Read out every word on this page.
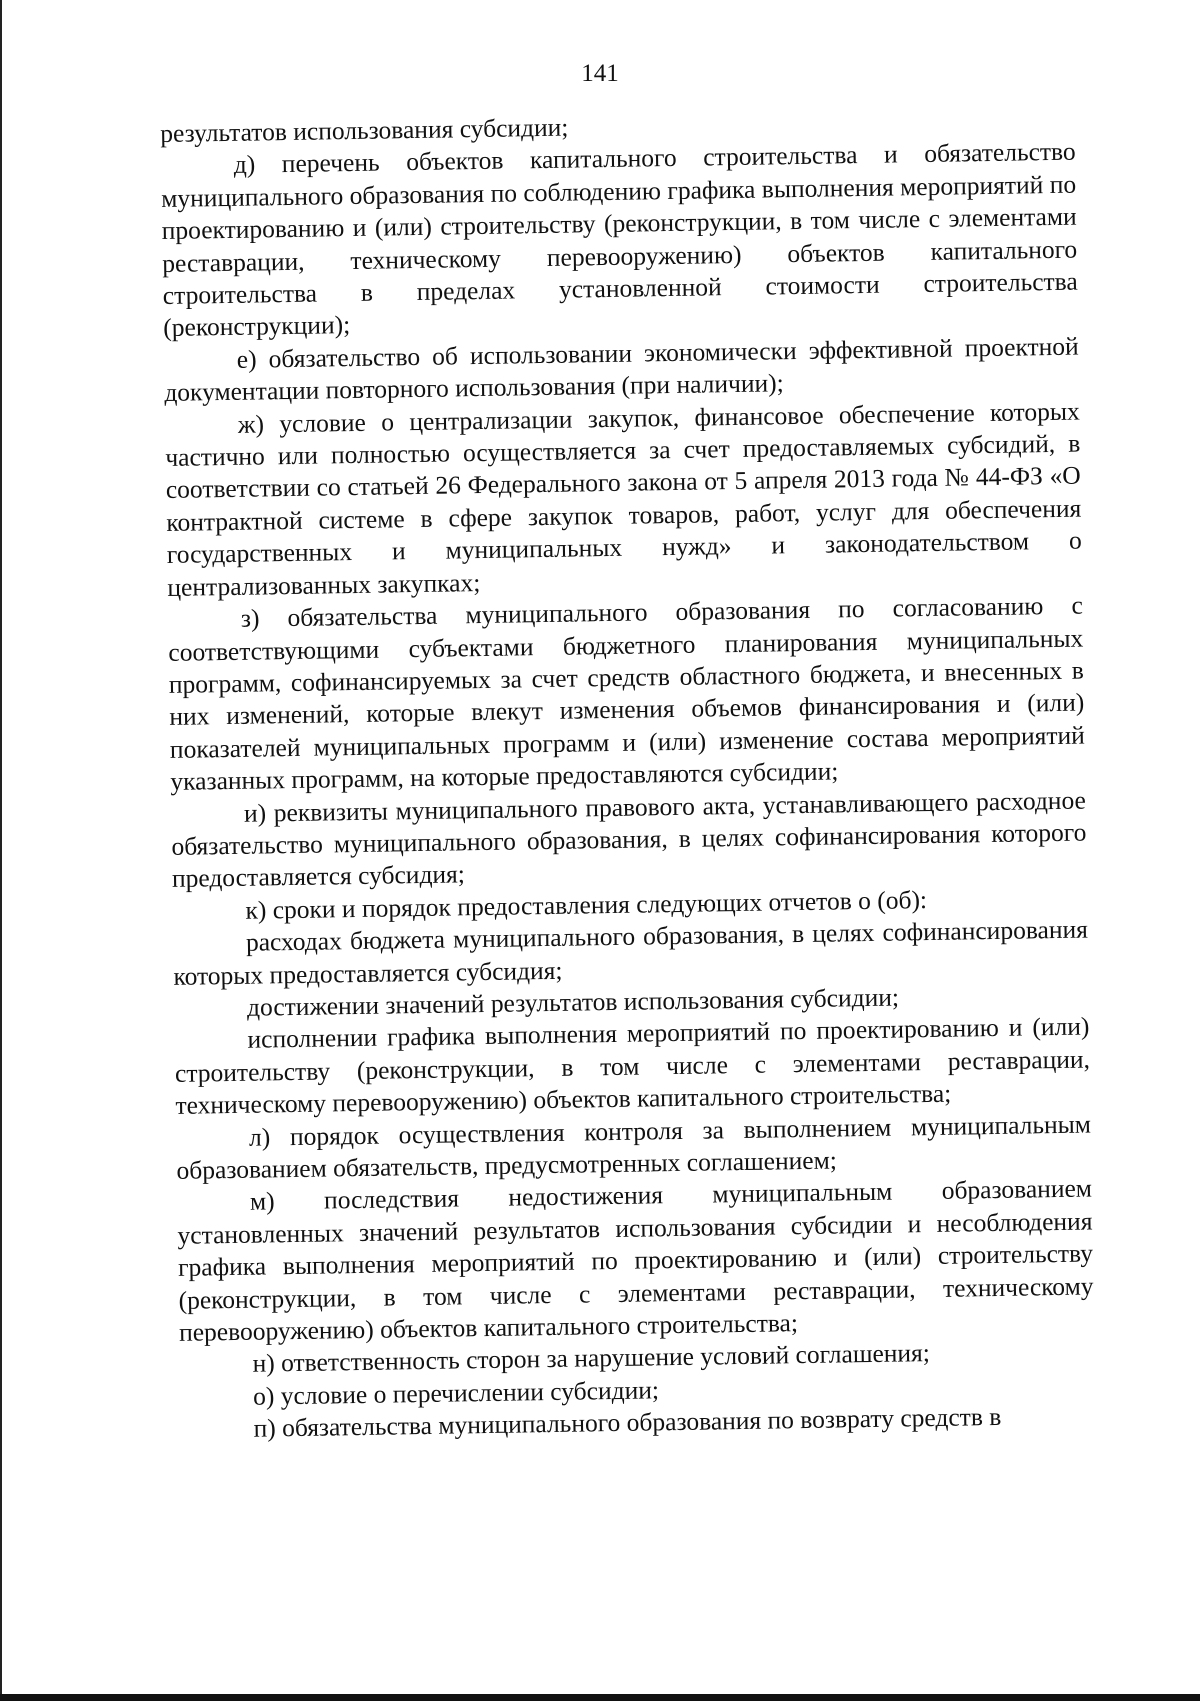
141

результатов использования субсидии;

д) перечень объектов капитального строительства и обязательство муниципального образования по соблюдению графика выполнения мероприятий по проектированию и (или) строительству (реконструкции, в том числе с элементами реставрации, техническому перевооружению) объектов капитального строительства в пределах установленной стоимости строительства (реконструкции);

е) обязательство об использовании экономически эффективной проектной документации повторного использования (при наличии);

ж) условие о централизации закупок, финансовое обеспечение которых частично или полностью осуществляется за счет предоставляемых субсидий, в соответствии со статьей 26 Федерального закона от 5 апреля 2013 года № 44-ФЗ «О контрактной системе в сфере закупок товаров, работ, услуг для обеспечения государственных и муниципальных нужд» и законодательством о централизованных закупках;

з) обязательства муниципального образования по согласованию с соответствующими субъектами бюджетного планирования муниципальных программ, софинансируемых за счет средств областного бюджета, и внесенных в них изменений, которые влекут изменения объемов финансирования и (или) показателей муниципальных программ и (или) изменение состава мероприятий указанных программ, на которые предоставляются субсидии;

и) реквизиты муниципального правового акта, устанавливающего расходное обязательство муниципального образования, в целях софинансирования которого предоставляется субсидия;

к) сроки и порядок предоставления следующих отчетов о (об):

расходах бюджета муниципального образования, в целях софинансирования которых предоставляется субсидия;

достижении значений результатов использования субсидии;

исполнении графика выполнения мероприятий по проектированию и (или) строительству (реконструкции, в том числе с элементами реставрации, техническому перевооружению) объектов капитального строительства;

л) порядок осуществления контроля за выполнением муниципальным образованием обязательств, предусмотренных соглашением;

м) последствия недостижения муниципальным образованием установленных значений результатов использования субсидии и несоблюдения графика выполнения мероприятий по проектированию и (или) строительству (реконструкции, в том числе с элементами реставрации, техническому перевооружению) объектов капитального строительства;

н) ответственность сторон за нарушение условий соглашения;

о) условие о перечислении субсидии;

п) обязательства муниципального образования по возврату средств в
